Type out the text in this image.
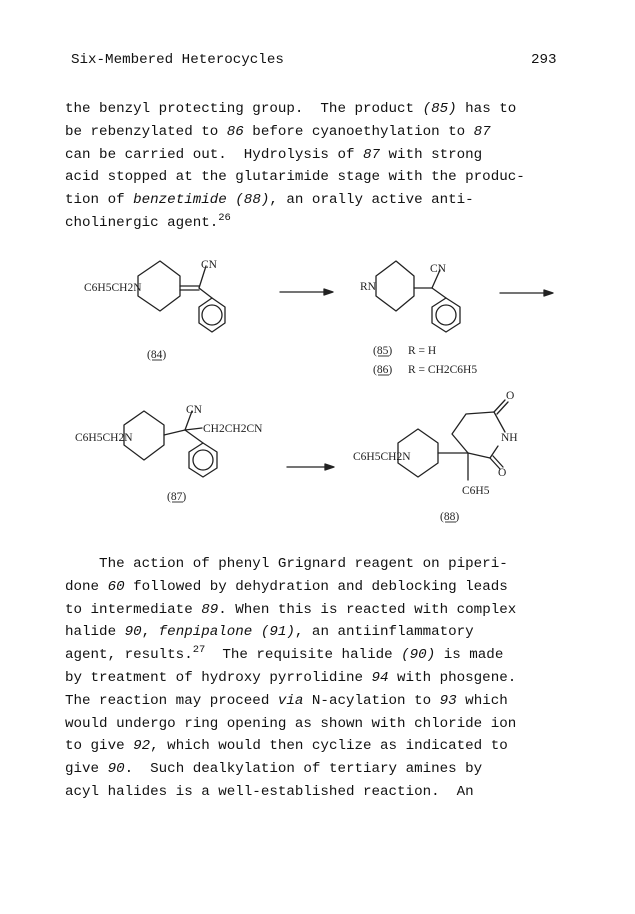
Six-Membered Heterocycles	293
the benzyl protecting group.  The product (85) has to
be rebenzylated to 86 before cyanoethylation to 87
can be carried out.  Hydrolysis of 87 with strong
acid stopped at the glutarimide stage with the produc-
tion of benzetimide (88), an orally active anti-
cholinergic agent.$^{26}$
CN
C6H5CH2N
(84)
CN
RN
(85) R = H
(86) R = CH2C6H5
CN
CH2CH2CN
C6H5CH2N
(87)
O
NH
O
C6H5CH2N
C6H5
(88)
The action of phenyl Grignard reagent on piperi-
done 60 followed by dehydration and deblocking leads
to intermediate 89. When this is reacted with complex
halide 90, fenpipalone (91), an antiinflammatory
agent, results.$^{27}$  The requisite halide (90) is made
by treatment of hydroxy pyrrolidine 94 with phosgene.
The reaction may proceed via N-acylation to 93 which
would undergo ring opening as shown with chloride ion
to give 92, which would then cyclize as indicated to
give 90.  Such dealkylation of tertiary amines by
acyl halides is a well-established reaction.  An
